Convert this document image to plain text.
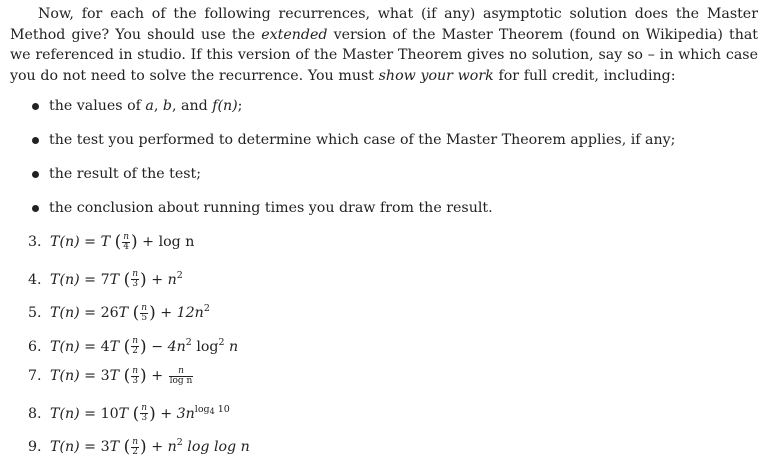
Now, for each of the following recurrences, what (if any) asymptotic solution does the Master Method give? You should use the extended version of the Master Theorem (found on Wikipedia) that we referenced in studio. If this version of the Master Theorem gives no solution, say so – in which case you do not need to solve the recurrence. You must show your work for full credit, including:

the values of a, b, and f(n);
the test you performed to determine which case of the Master Theorem applies, if any;
the result of the test;
the conclusion about running times you draw from the result.
3. T(n) = T ( $\frac{n}{4}$ ) + log n
4. T(n) = 7T ( $\frac{n}{3}$ ) + $n^2$
5. T(n) = 26T ( $\frac{n}{5}$ ) + $12n^2$
6. T(n) = 4T ( $\frac{n}{2}$ ) − $4n^2$ $\log^2 n$
7. T(n) = 3T ( $\frac{n}{3}$ ) + $\frac{n}{\text{log n}}$
8. T(n) = 10T ( $\frac{n}{3}$ ) + $3n^{log_4 10}$
9. T(n) = 3T ( $\frac{n}{2}$ ) + $n^2$ log log n
